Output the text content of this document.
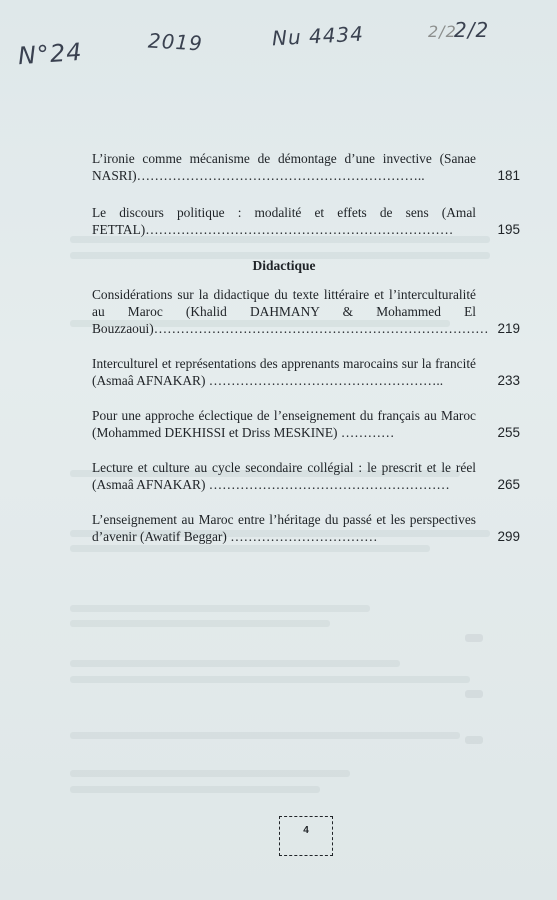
2/2
N°24	2019	Nu 4434	2/2
L’ironie comme mécanisme de démontage d’une invective (Sanae NASRI)………………………………………………………..	181
Le discours politique : modalité et effets de sens (Amal FETTAL)……………………………………………………………	195
Didactique
Considérations sur la didactique du texte littéraire et l’interculturalité au Maroc (Khalid DAHMANY & Mohammed El Bouzzaoui)………………………………………………………………… 219
Interculturel et représentations des apprenants marocains sur la francité (Asmaâ AFNAKAR) ……………………………………………..	233
Pour une approche éclectique de l’enseignement du français au Maroc (Mohammed DEKHISSI et Driss MESKINE) …………	255
Lecture et culture au cycle secondaire collégial : le prescrit et le réel (Asmaâ AFNAKAR) ………………………………………………	265
L’enseignement au Maroc entre l’héritage du passé et les perspectives d’avenir (Awatif Beggar) ……………………………	299
4
